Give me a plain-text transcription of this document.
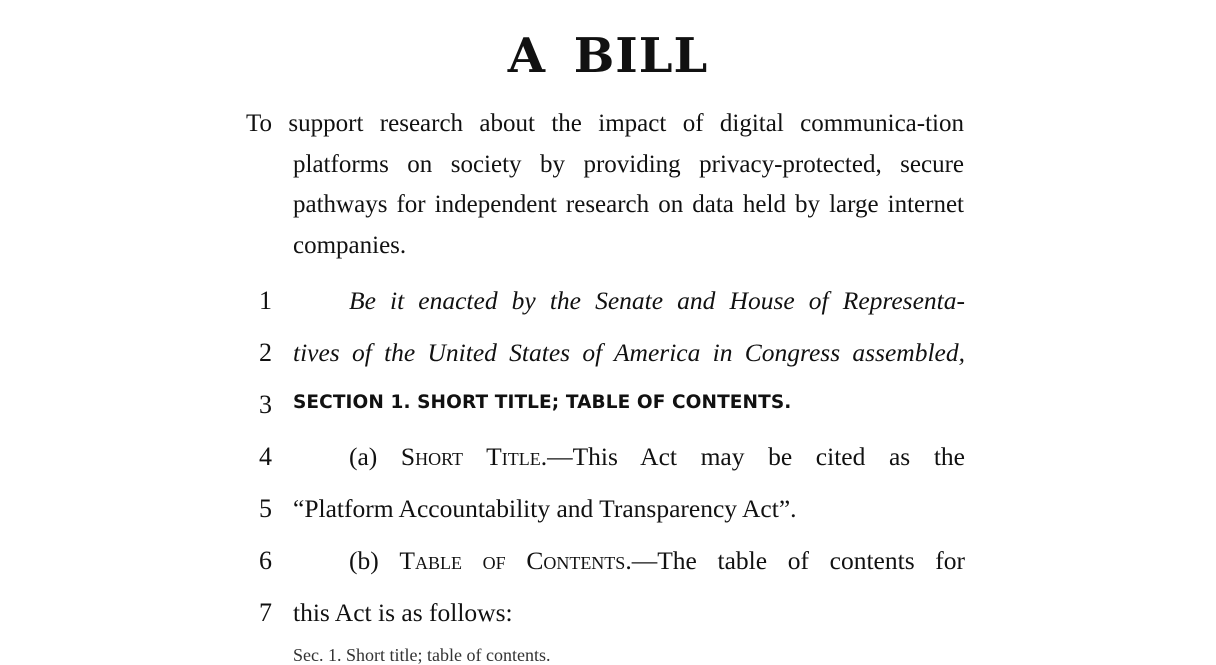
A BILL
To support research about the impact of digital communica-tion platforms on society by providing privacy-protected, secure pathways for independent research on data held by large internet companies.
1	Be it enacted by the Senate and House of Representa-
2 tives of the United States of America in Congress assembled,
3 SECTION 1. SHORT TITLE; TABLE OF CONTENTS.
4	(a) Short Title.—This Act may be cited as the
5 “Platform Accountability and Transparency Act”.
6	(b) Table of Contents.—The table of contents for
7 this Act is as follows:
Sec. 1. Short title; table of contents.
